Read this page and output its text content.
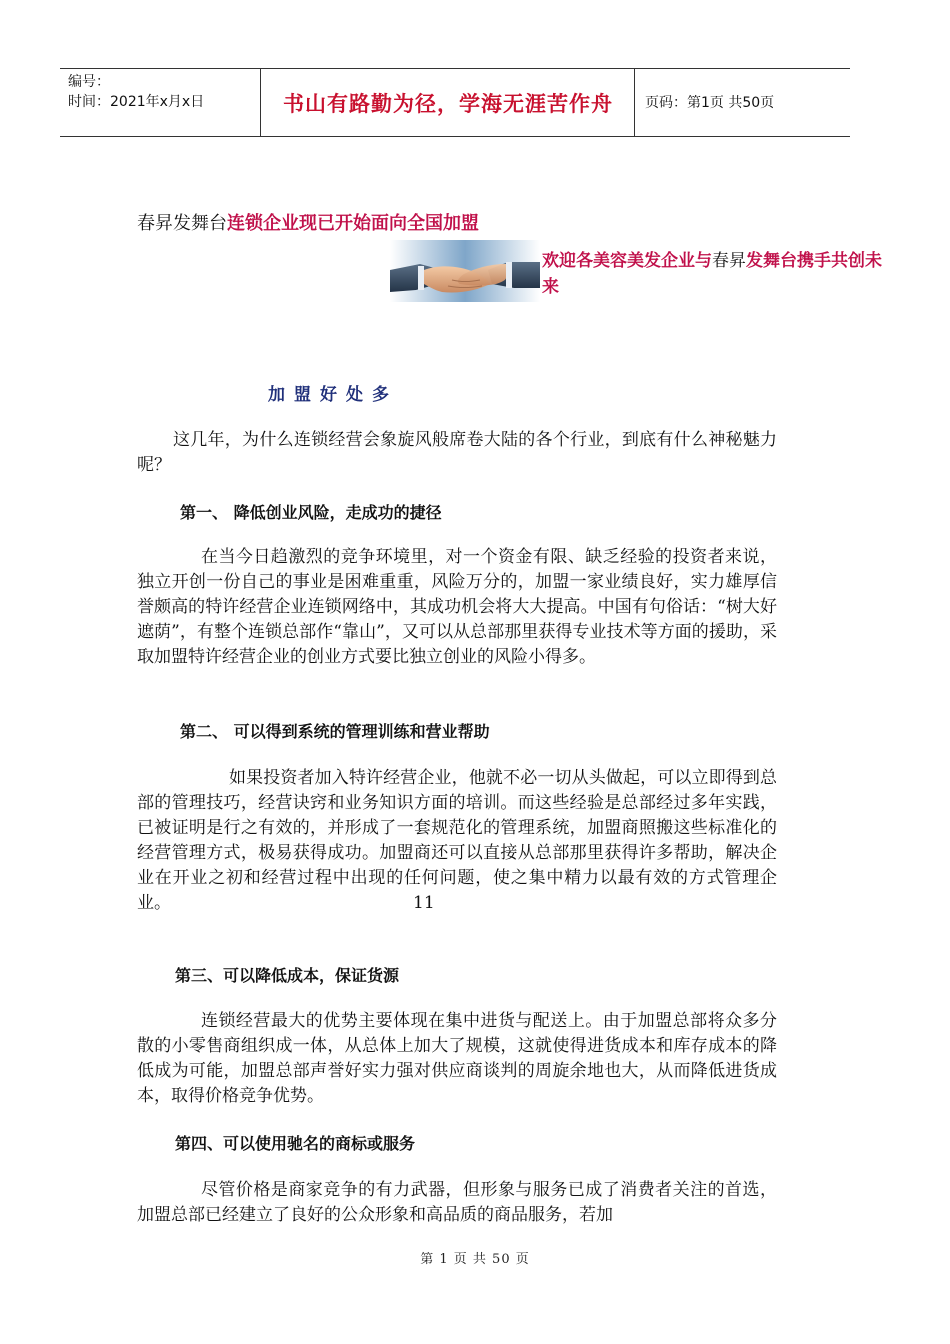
编号：
时间：2021年x月x日	书山有路勤为径，学海无涯苦作舟	页码：第1页 共50页
春昇发舞台连锁企业现已开始面向全国加盟
欢迎各美容美发企业与春昇发舞台携手共创未来
加盟好处多

这几年，为什么连锁经营会象旋风般席卷大陆的各个行业，到底有什么神秘魅力呢？

第一、 降低创业风险，走成功的捷径

在当今日趋激烈的竞争环境里，对一个资金有限、缺乏经验的投资者来说，独立开创一份自己的事业是困难重重，风险万分的，加盟一家业绩良好，实力雄厚信誉颇高的特许经营企业连锁网络中，其成功机会将大大提高。中国有句俗话：“树大好遮荫”，有整个连锁总部作“靠山”，又可以从总部那里获得专业技术等方面的援助，采取加盟特许经营企业的创业方式要比独立创业的风险小得多。

第二、 可以得到系统的管理训练和营业帮助

如果投资者加入特许经营企业，他就不必一切从头做起，可以立即得到总部的管理技巧，经营诀窍和业务知识方面的培训。而这些经验是总部经过多年实践，已被证明是行之有效的，并形成了一套规范化的管理系统，加盟商照搬这些标准化的经营管理方式，极易获得成功。加盟商还可以直接从总部那里获得许多帮助，解决企业在开业之初和经营过程中出现的任何问题，使之集中精力以最有效的方式管理企业。	11

第三、可以降低成本，保证货源

连锁经营最大的优势主要体现在集中进货与配送上。由于加盟总部将众多分散的小零售商组织成一体，从总体上加大了规模，这就使得进货成本和库存成本的降低成为可能，加盟总部声誉好实力强对供应商谈判的周旋余地也大，从而降低进货成本，取得价格竞争优势。

第四、可以使用驰名的商标或服务

尽管价格是商家竞争的有力武器，但形象与服务已成了消费者关注的首选， 加盟总部已经建立了良好的公众形象和高品质的商品服务，若加

第 1 页 共 50 页
